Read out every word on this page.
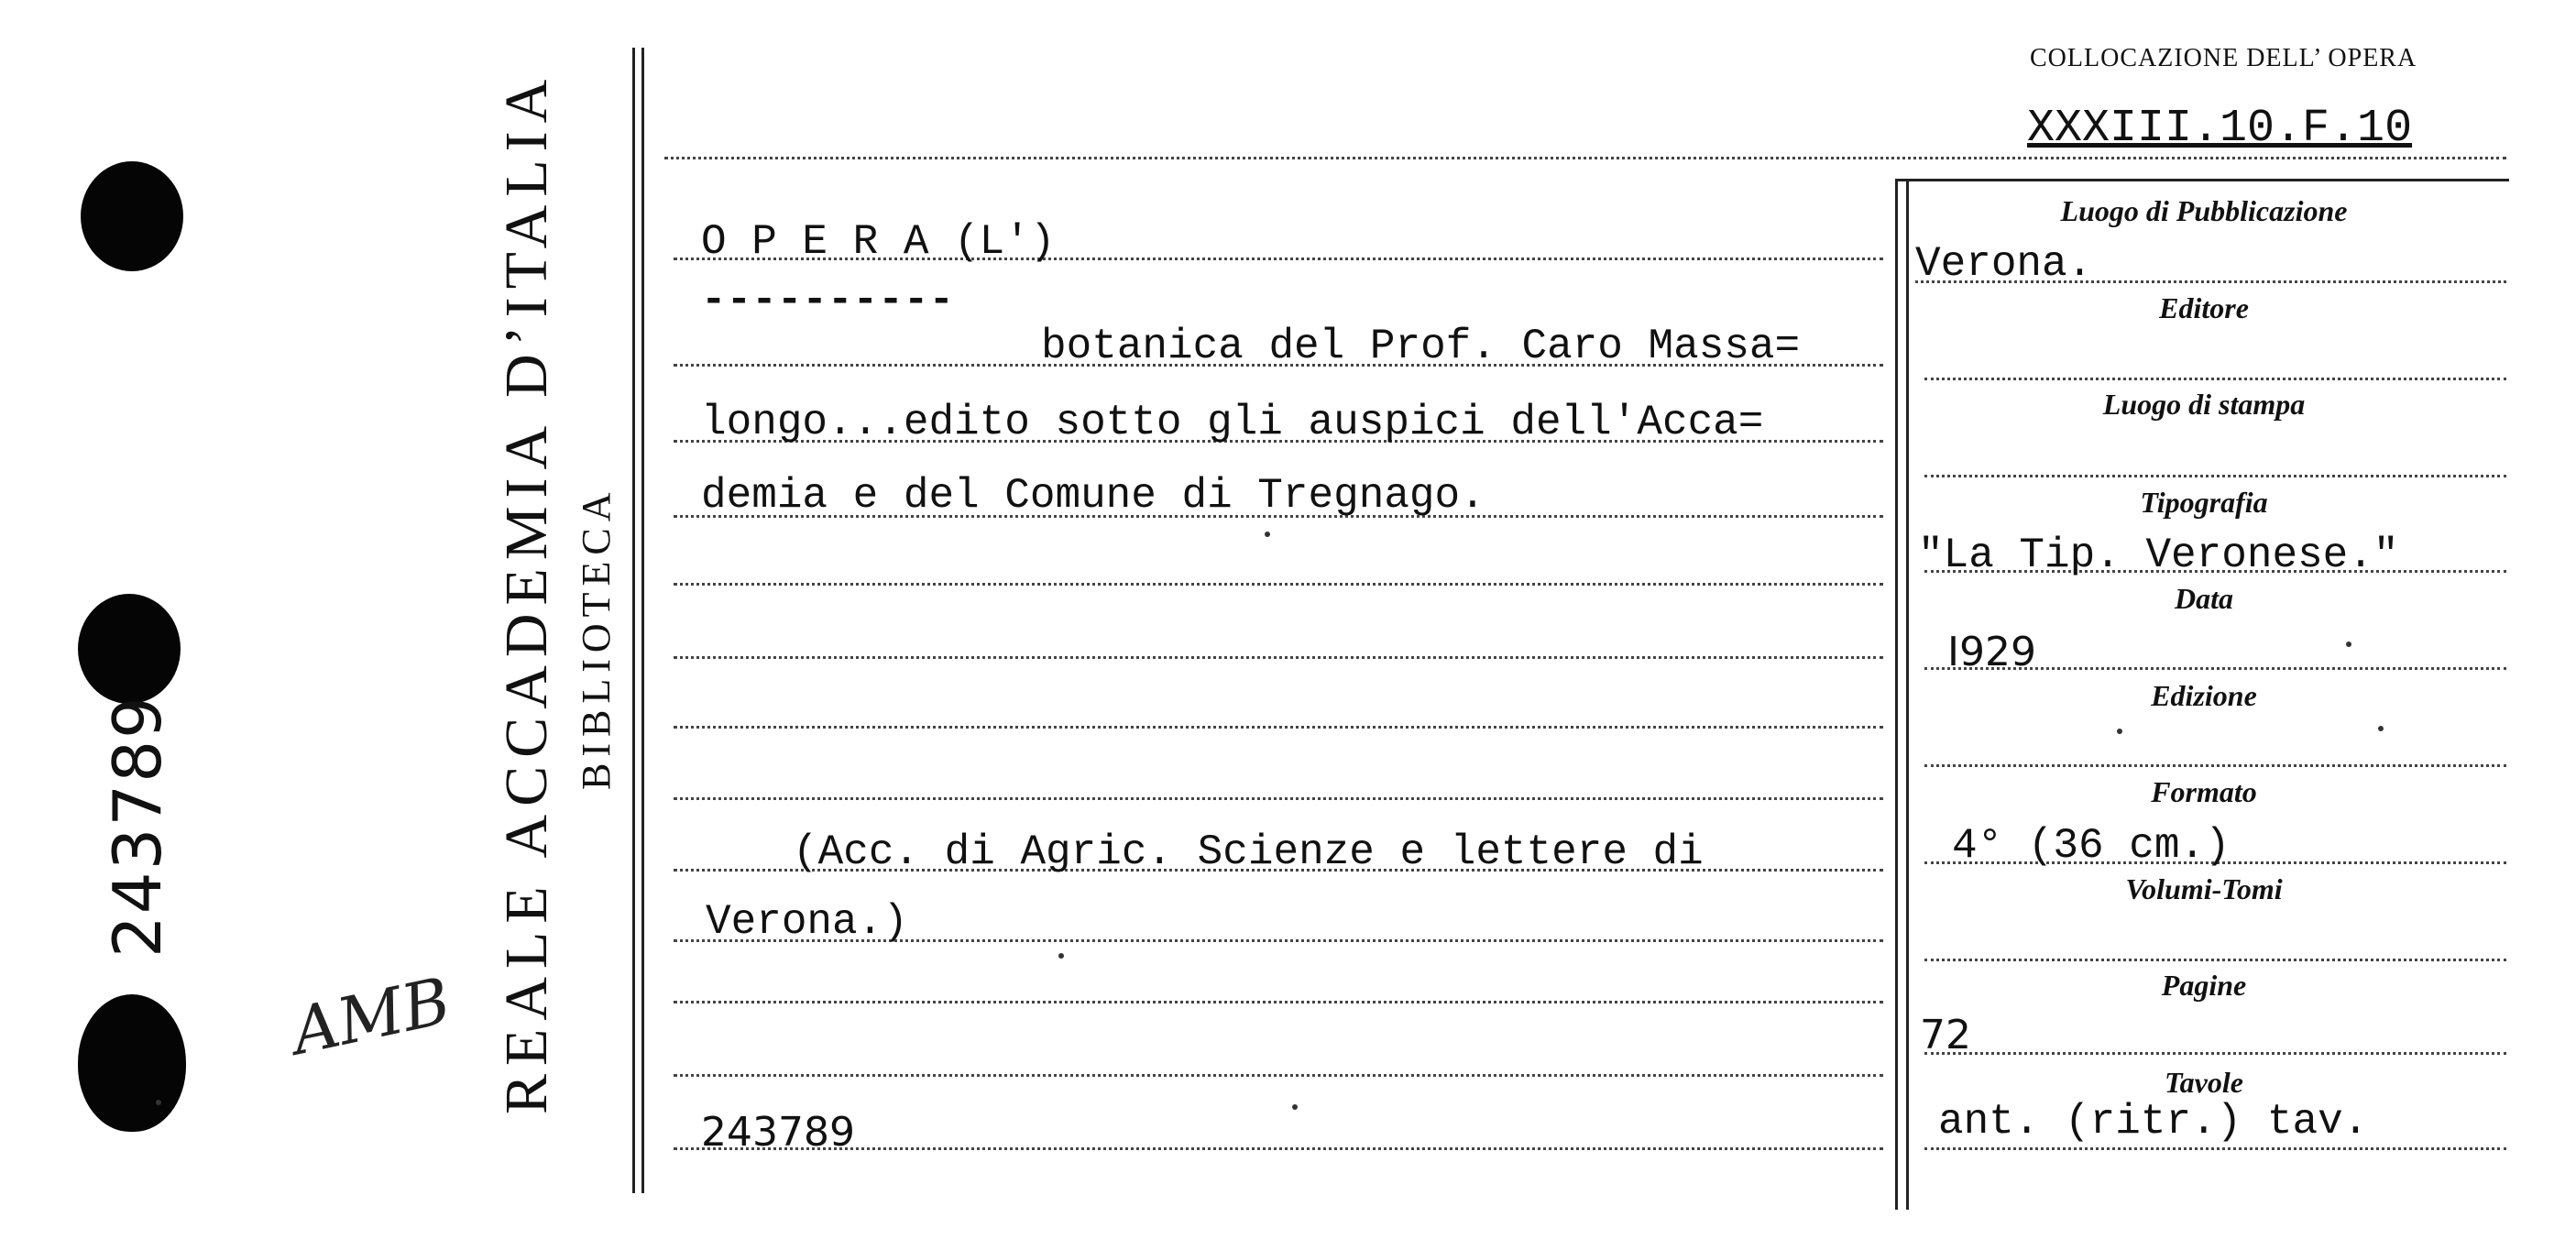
243789
AMB REALE ACCADEMIA D’ITALIA BIBLIOTECA
COLLOCAZIONE DELL’ OPERA
XXXIII.10.F.10
O P E R A (L')
----------
botanica del Prof. Caro Massa=
longo...edito sotto gli auspici dell'Acca=
demia e del Comune di Tregnago.
(Acc. di Agric. Scienze e lettere di
Verona.)
243789
Luogo di Pubblicazione
Editore
Luogo di stampa
Tipografia
Data
Edizione
Formato
Volumi-Tomi
Pagine
Tavole
Verona.
"La Tip. Veronese."
I929
4° (36 cm.)
72
ant. (ritr.) tav.
